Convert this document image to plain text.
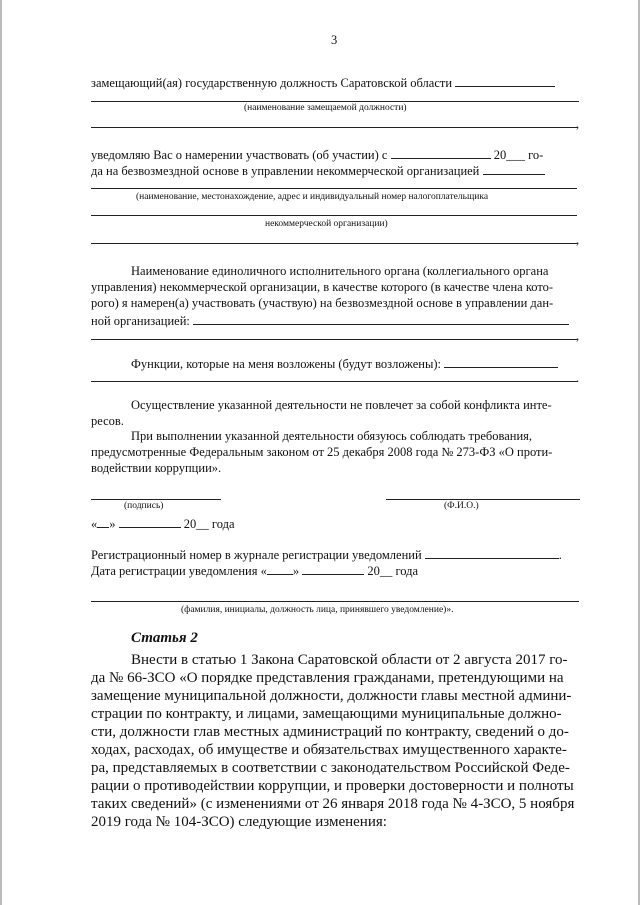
3
замещающий(ая) государственную должность Саратовской области
(наименование замещаемой должности)
,
уведомляю Вас о намерении участвовать (об участии) с	20___ го-
да на безвозмездной основе в управлении некоммерческой организацией
(наименование, местонахождение, адрес и индивидуальный номер налогоплательщика
некоммерческой организации)
,
Наименование единоличного исполнительного органа (коллегиального органа
управления) некоммерческой организации, в качестве которого (в качестве члена кото-
рого) я намерен(а) участвовать (участвую) на безвозмездной основе в управлении дан-
ной организацией:
,
Функции, которые на меня возложены (будут возложены):
.
Осуществление указанной деятельности не повлечет за собой конфликта инте-
ресов.
При выполнении указанной деятельности обязуюсь соблюдать требования,
предусмотренные Федеральным законом от 25 декабря 2008 года № 273-ФЗ «О проти-
водействии коррупции».
(подпись)	(Ф.И.О.)
« »	20__ года
Регистрационный номер в журнале регистрации уведомлений	.
Дата регистрации уведомления « »	20__ года
(фамилия, инициалы, должность лица, принявшего уведомление)».
Статья 2
Внести в статью 1 Закона Саратовской области от 2 августа 2017 го-
да № 66-ЗСО «О порядке представления гражданами, претендующими на
замещение муниципальной должности, должности главы местной админи-
страции по контракту, и лицами, замещающими муниципальные должно-
сти, должности глав местных администраций по контракту, сведений о до-
ходах, расходах, об имуществе и обязательствах имущественного характе-
ра, представляемых в соответствии с законодательством Российской Феде-
рации о противодействии коррупции, и проверки достоверности и полноты
таких сведений» (с изменениями от 26 января 2018 года № 4-ЗСО, 5 ноября
2019 года № 104-ЗСО) следующие изменения:
